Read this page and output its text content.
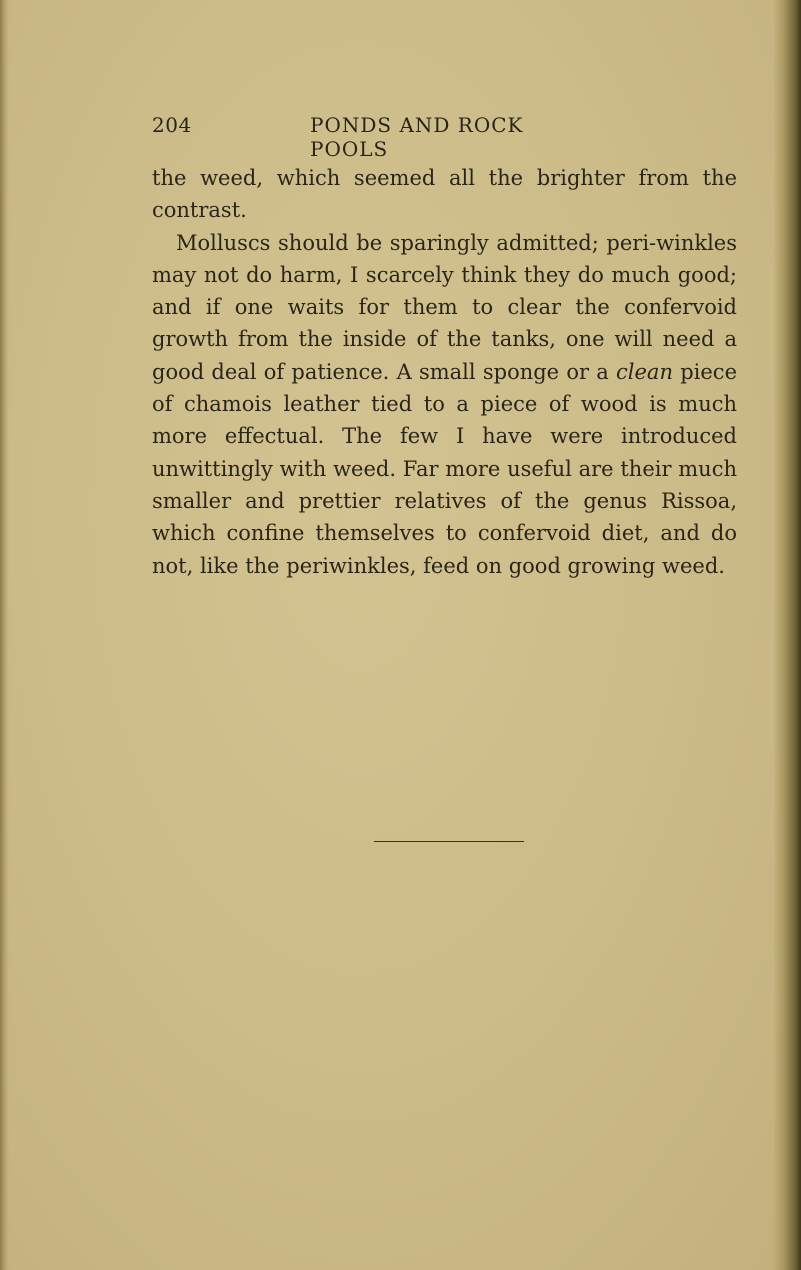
204	PONDS AND ROCK POOLS

the weed, which seemed all the brighter from the contrast.

Molluscs should be sparingly admitted; peri-winkles may not do harm, I scarcely think they do much good; and if one waits for them to clear the confervoid growth from the inside of the tanks, one will need a good deal of patience. A small sponge or a clean piece of chamois leather tied to a piece of wood is much more effectual. The few I have were introduced unwittingly with weed. Far more useful are their much smaller and prettier relatives of the genus Rissoa, which confine themselves to confervoid diet, and do not, like the periwinkles, feed on good growing weed.
